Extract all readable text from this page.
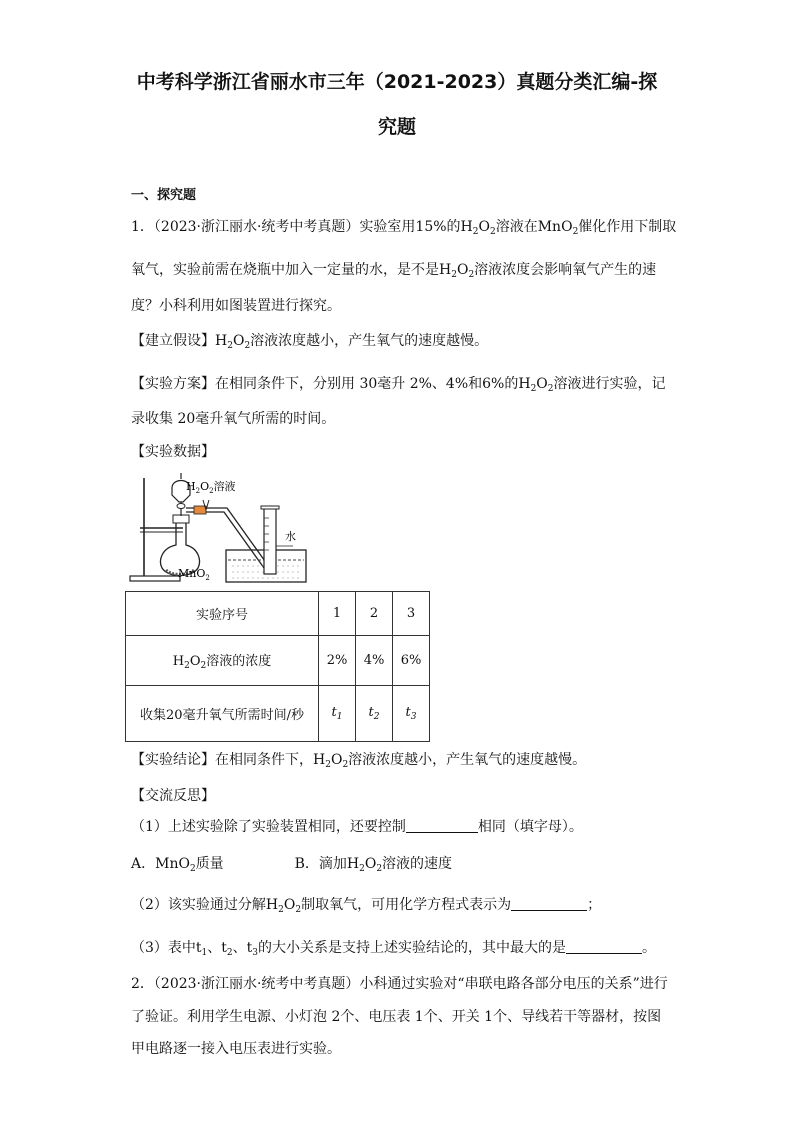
中考科学浙江省丽水市三年（2021-2023）真题分类汇编-探
究题
一、探究题
1．（2023·浙江丽水·统考中考真题）实验室用15%的$H_2O_2$溶液在MnO$_2$催化作用下制取
氧气，实验前需在烧瓶中加入一定量的水，是不是$H_2O_2$溶液浓度会影响氧气产生的速
度？小科利用如图装置进行探究。
【建立假设】$H_2O_2$溶液浓度越小，产生氧气的速度越慢。
【实验方案】在相同条件下，分别用 30毫升 2%、4%和6%的$H_2O_2$溶液进行实验，记
录收集 20毫升氧气所需的时间。
【实验数据】
$H_2O_2$溶液
水
MnO$_2$
实验序号	1	2	3
$H_2O_2$溶液的浓度	2%	4%	6%
收集20毫升氧气所需时间/秒	$t_1$	$t_2$	$t_3$
【实验结论】在相同条件下，$H_2O_2$溶液浓度越小，产生氧气的速度越慢。
【交流反思】
（1）上述实验除了实验装置相同，还要控制	相同（填字母）。
A．MnO$_2$质量	B．滴加$H_2O_2$溶液的速度
（2）该实验通过分解$H_2O_2$制取氧气，可用化学方程式表示为	；
（3）表中$t_1$、$t_2$、$t_3$的大小关系是支持上述实验结论的，其中最大的是	。
2．（2023·浙江丽水·统考中考真题）小科通过实验对“串联电路各部分电压的关系”进行
了验证。利用学生电源、小灯泡 2个、电压表 1个、开关 1个、导线若干等器材，按图
甲电路逐一接入电压表进行实验。
